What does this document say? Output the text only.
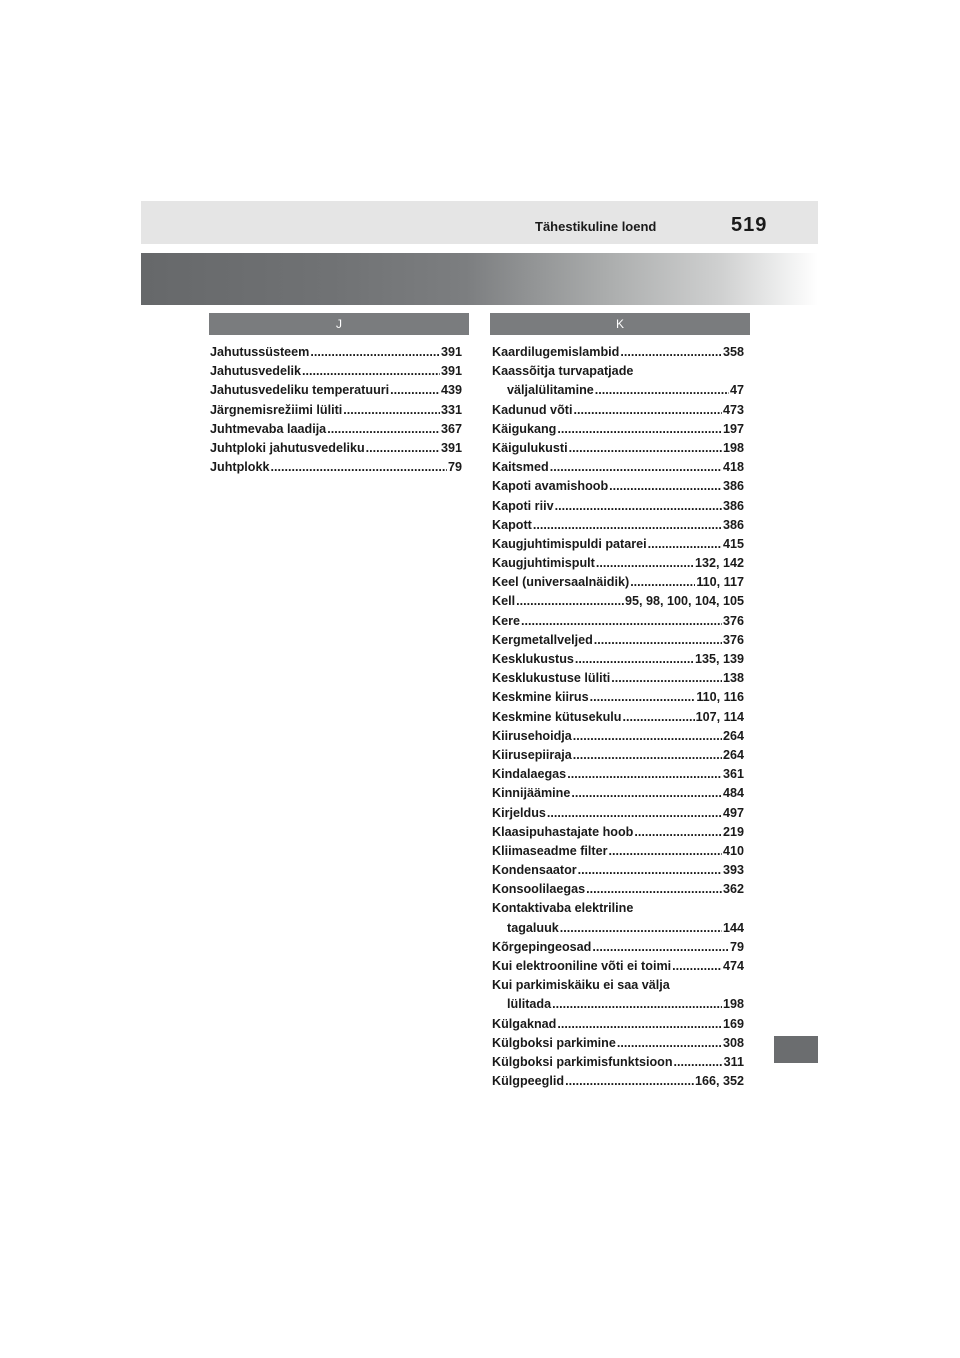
Tähestikuline loend	519
J	K
Jahutussüsteem .....	391
Jahutusvedelik .....	391
Jahutusvedeliku temperatuuri .....	439
Järgnemisrežiimi lüliti .....	331
Juhtmevaba laadija .....	367
Juhtploki jahutusvedeliku .....	391
Juhtplokk .....	79
Kaardilugemislambid .....	358
Kaassõitja turvapatjade
väljalülitamine .....	47
Kadunud võti .....	473
Käigukang .....	197
Käigulukusti .....	198
Kaitsmed .....	418
Kapoti avamishoob .....	386
Kapoti riiv .....	386
Kapott .....	386
Kaugjuhtimispuldi patarei .....	415
Kaugjuhtimispult .....	132, 142
Keel (universaalnäidik) .....	110, 117
Kell .....	95, 98, 100, 104, 105
Kere .....	376
Kergmetallveljed .....	376
Kesklukustus .....	135, 139
Kesklukustuse lüliti .....	138
Keskmine kiirus .....	110, 116
Keskmine kütusekulu .....	107, 114
Kiirusehoidja .....	264
Kiirusepiiraja .....	264
Kindalaegas .....	361
Kinnijäämine .....	484
Kirjeldus .....	497
Klaasipuhastajate hoob .....	219
Kliimaseadme filter .....	410
Kondensaator .....	393
Konsoolilaegas .....	362
Kontaktivaba elektriline
tagaluuk .....	144
Kõrgepingeosad .....	79
Kui elektrooniline võti ei toimi .....	474
Kui parkimiskäiku ei saa välja
lülitada .....	198
Külgaknad .....	169
Külgboksi parkimine .....	308
Külgboksi parkimisfunktsioon .....	311
Külgpeeglid .....	166, 352
